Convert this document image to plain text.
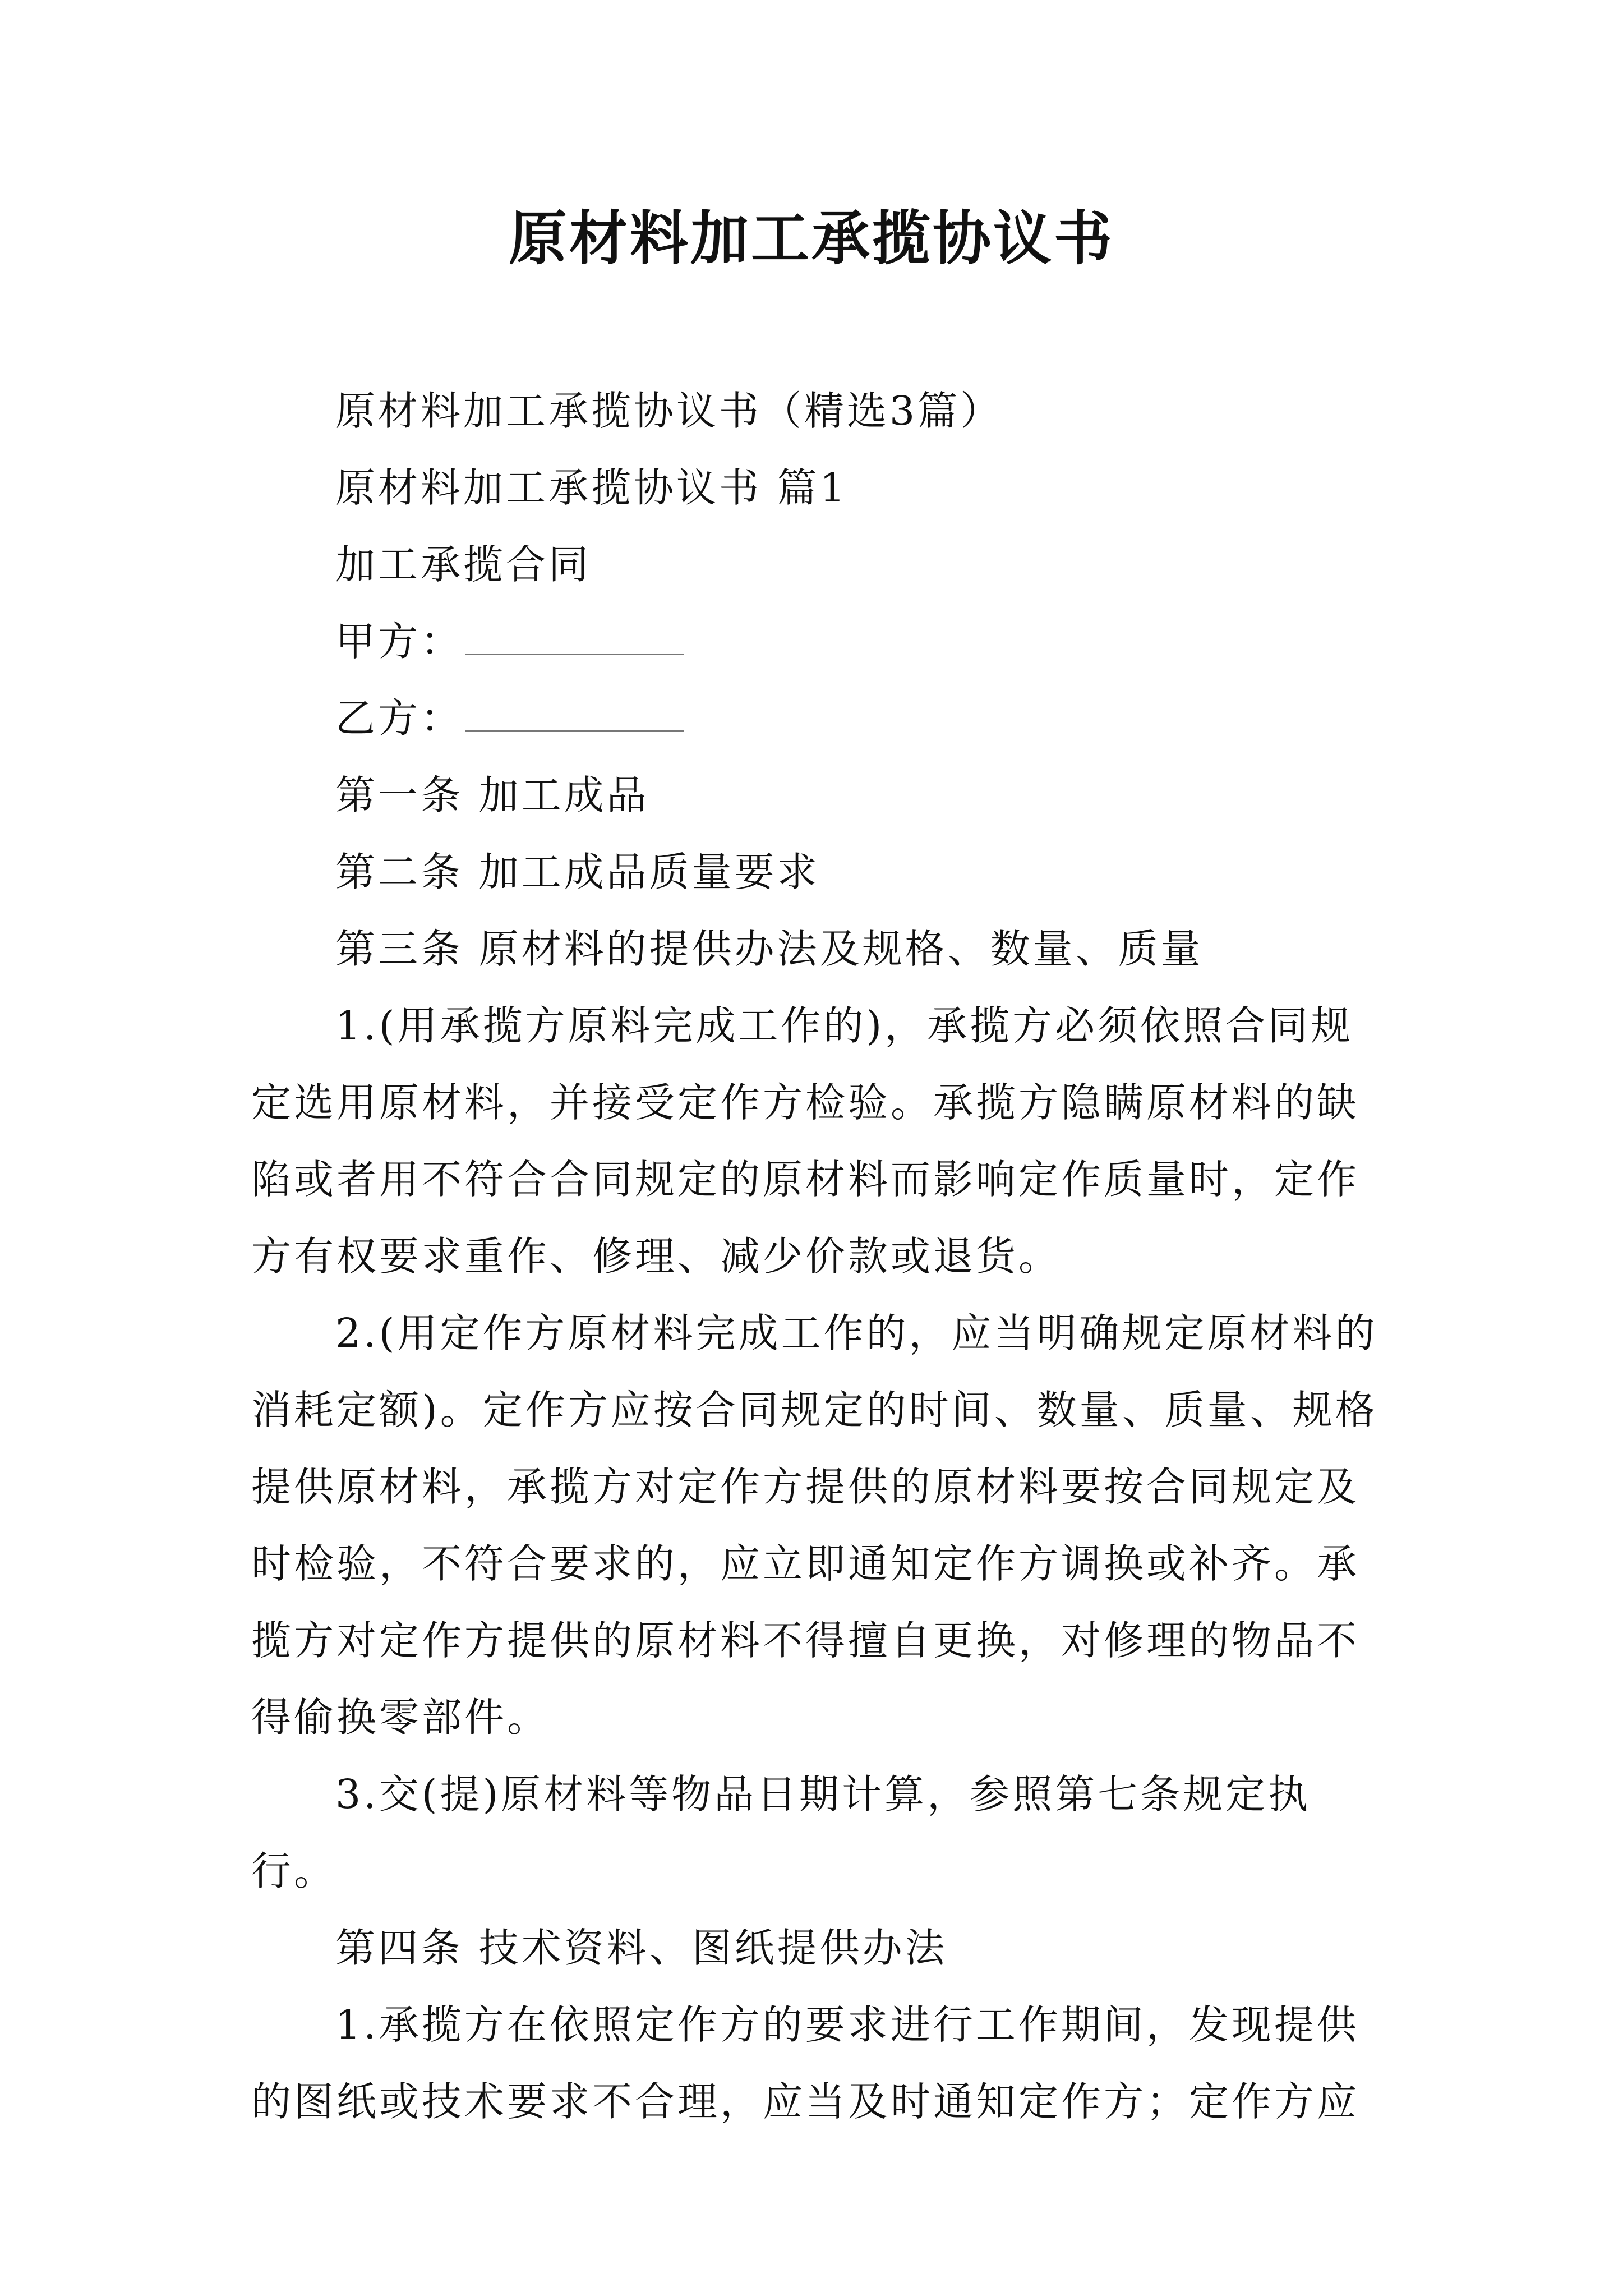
原材料加工承揽协议书

原材料加工承揽协议书（精选3篇）

原材料加工承揽协议书 篇1

加工承揽合同

甲方：

乙方：

第一条 加工成品

第二条 加工成品质量要求

第三条 原材料的提供办法及规格、数量、质量

1.(用承揽方原料完成工作的)，承揽方必须依照合同规定选用原材料，并接受定作方检验。承揽方隐瞒原材料的缺陷或者用不符合合同规定的原材料而影响定作质量时，定作方有权要求重作、修理、减少价款或退货。

2.(用定作方原材料完成工作的，应当明确规定原材料的消耗定额)。定作方应按合同规定的时间、数量、质量、规格提供原材料，承揽方对定作方提供的原材料要按合同规定及时检验，不符合要求的，应立即通知定作方调换或补齐。承揽方对定作方提供的原材料不得擅自更换，对修理的物品不得偷换零部件。

3.交(提)原材料等物品日期计算，参照第七条规定执行。

第四条 技术资料、图纸提供办法

1.承揽方在依照定作方的要求进行工作期间，发现提供的图纸或技术要求不合理，应当及时通知定作方；定作方应
